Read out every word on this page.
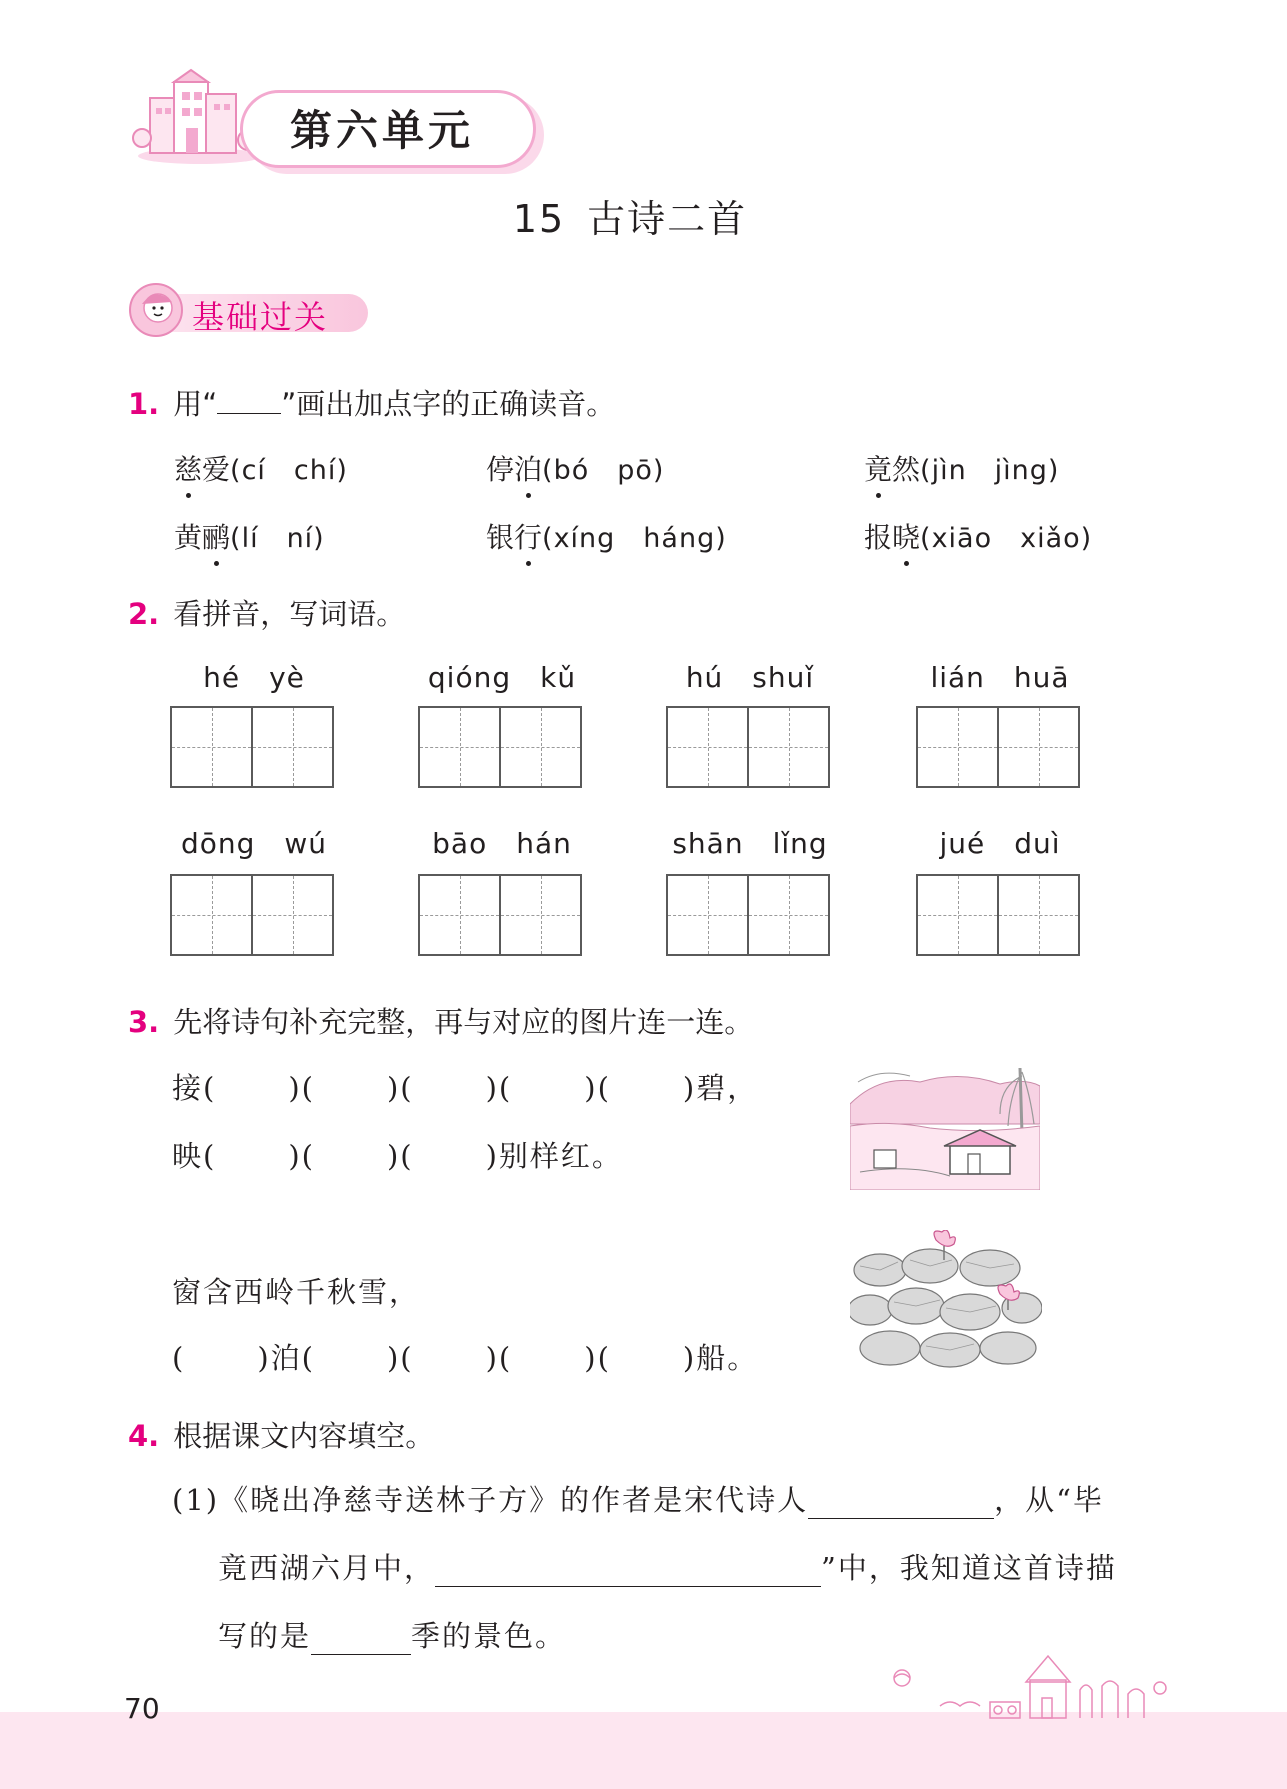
第六单元
15 古诗二首
基础过关
1. 用“ ”画出加点字的正确读音。
慈 爱 (cí　chí)	停 泊 (bó　pō)	竟 然 (jìn　jìng)
黄 鹂 (lí　ní)	银 行 (xíng　háng)	报 晓 (xiāo　xiǎo)
2. 看拼音，写词语。
hé　yè	qióng　kǔ	hú　shuǐ	lián　huā
dōng　wú	bāo　hán	shān　lǐng	jué　duì
3. 先将诗句补充完整，再与对应的图片连一连。
接( )( )( )( )( )碧，
映( )( )( )别样红。
窗含西岭千秋雪，
( )泊( )( )( )( )船。
4. 根据课文内容填空。
(1)《晓出净慈寺送林子方》的作者是宋代诗人	，从“毕
竟西湖六月中，	”中，我知道这首诗描
写的是	季的景色。
70
